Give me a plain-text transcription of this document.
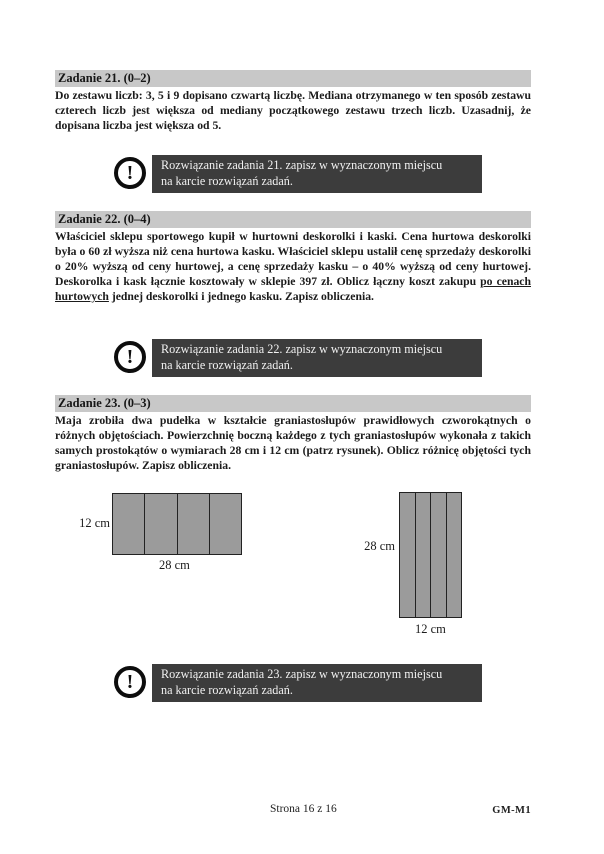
Zadanie 21. (0–2)

Do zestawu liczb: 3, 5 i 9 dopisano czwartą liczbę. Mediana otrzymanego w ten sposób zestawu czterech liczb jest większa od mediany początkowego zestawu trzech liczb. Uzasadnij, że dopisana liczba jest większa od 5.

!	Rozwiązanie zadania 21. zapisz w wyznaczonym miejscu
na karcie rozwiązań zadań.
Zadanie 22. (0–4)

Właściciel sklepu sportowego kupił w hurtowni deskorolki i kaski. Cena hurtowa deskorolki była o 60 zł wyższa niż cena hurtowa kasku. Właściciel sklepu ustalił cenę sprzedaży deskorolki o 20% wyższą od ceny hurtowej, a cenę sprzedaży kasku – o 40% wyższą od ceny hurtowej. Deskorolka i kask łącznie kosztowały w sklepie 397 zł. Oblicz łączny koszt zakupu po cenach hurtowych jednej deskorolki i jednego kasku. Zapisz obliczenia.

!	Rozwiązanie zadania 22. zapisz w wyznaczonym miejscu
na karcie rozwiązań zadań.
Zadanie 23. (0–3)

Maja zrobiła dwa pudełka w kształcie graniastosłupów prawidłowych czworokątnych o różnych objętościach. Powierzchnię boczną każdego z tych graniastosłupów wykonała z takich samych prostokątów o wymiarach 28 cm i 12 cm (patrz rysunek). Oblicz różnicę objętości tych graniastosłupów. Zapisz obliczenia.

12 cm
28 cm
28 cm
12 cm
!	Rozwiązanie zadania 23. zapisz w wyznaczonym miejscu
na karcie rozwiązań zadań.
Strona 16 z 16	GM-M1
